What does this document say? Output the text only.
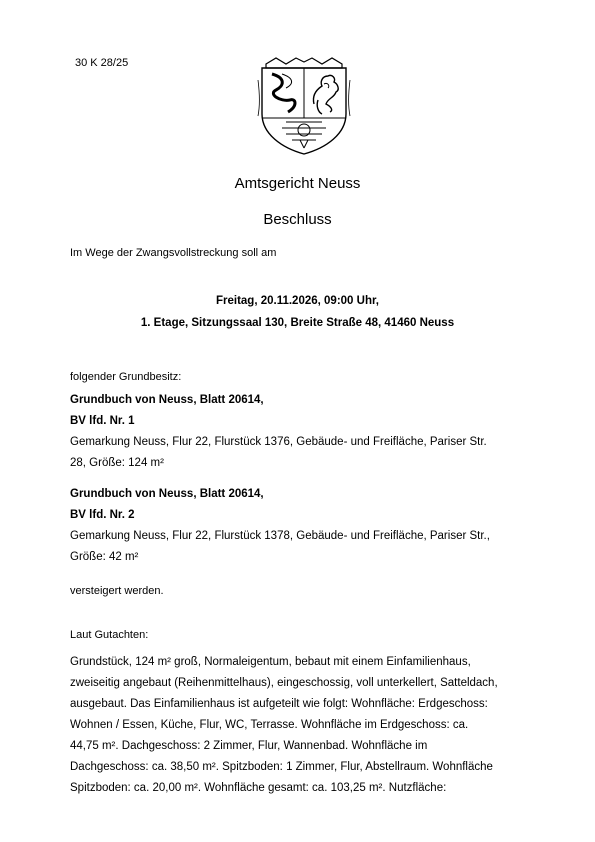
30 K 28/25
Amtsgericht Neuss
Beschluss
Im Wege der Zwangsvollstreckung soll am
Freitag, 20.11.2026, 09:00 Uhr,
1. Etage, Sitzungssaal 130, Breite Straße 48, 41460 Neuss
folgender Grundbesitz:
Grundbuch von Neuss, Blatt 20614,
BV lfd. Nr. 1
Gemarkung Neuss, Flur 22, Flurstück 1376, Gebäude- und Freifläche, Pariser Str.
28, Größe: 124 m²
Grundbuch von Neuss, Blatt 20614,
BV lfd. Nr. 2
Gemarkung Neuss, Flur 22, Flurstück 1378, Gebäude- und Freifläche, Pariser Str.,
Größe: 42 m²
versteigert werden.
Laut Gutachten:
Grundstück, 124 m² groß, Normaleigentum, bebaut mit einem Einfamilienhaus,
zweiseitig angebaut (Reihenmittelhaus), eingeschossig, voll unterkellert, Satteldach,
ausgebaut. Das Einfamilienhaus ist aufgeteilt wie folgt: Wohnfläche: Erdgeschoss:
Wohnen / Essen, Küche, Flur, WC, Terrasse. Wohnfläche im Erdgeschoss: ca.
44,75 m². Dachgeschoss: 2 Zimmer, Flur, Wannenbad. Wohnfläche im
Dachgeschoss: ca. 38,50 m². Spitzboden: 1 Zimmer, Flur, Abstellraum. Wohnfläche
Spitzboden: ca. 20,00 m². Wohnfläche gesamt: ca. 103,25 m². Nutzfläche:
